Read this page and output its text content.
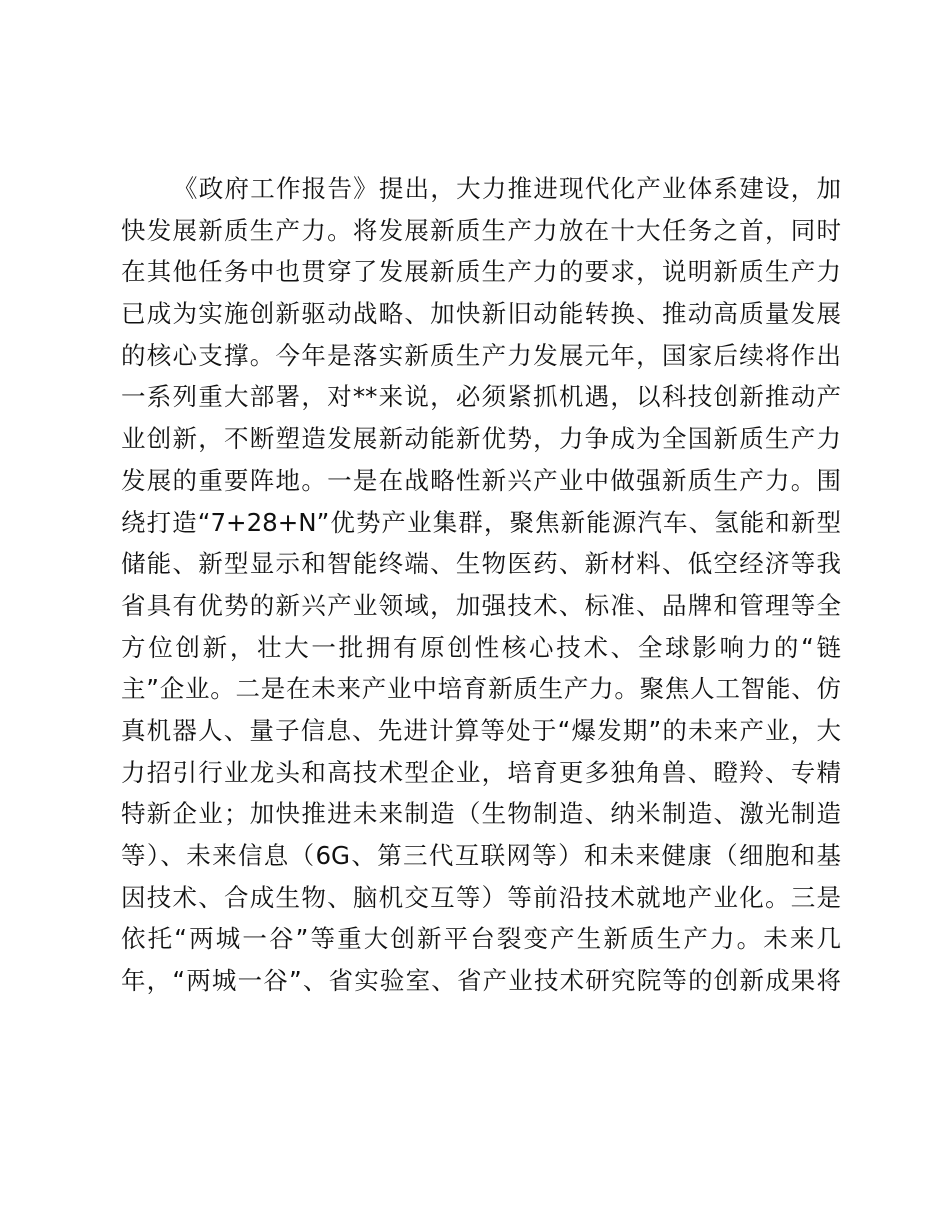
《政府工作报告》提出，大力推进现代化产业体系建设，加
快发展新质生产力。将发展新质生产力放在十大任务之首，同时
在其他任务中也贯穿了发展新质生产力的要求，说明新质生产力
已成为实施创新驱动战略、加快新旧动能转换、推动高质量发展
的核心支撑。今年是落实新质生产力发展元年，国家后续将作出
一系列重大部署，对**来说，必须紧抓机遇，以科技创新推动产
业创新，不断塑造发展新动能新优势，力争成为全国新质生产力
发展的重要阵地。一是在战略性新兴产业中做强新质生产力。围
绕打造“7+28+N”优势产业集群，聚焦新能源汽车、氢能和新型
储能、新型显示和智能终端、生物医药、新材料、低空经济等我
省具有优势的新兴产业领域，加强技术、标准、品牌和管理等全
方位创新，壮大一批拥有原创性核心技术、全球影响力的“链
主”企业。二是在未来产业中培育新质生产力。聚焦人工智能、仿
真机器人、量子信息、先进计算等处于“爆发期”的未来产业，大
力招引行业龙头和高技术型企业，培育更多独角兽、瞪羚、专精
特新企业；加快推进未来制造（生物制造、纳米制造、激光制造
等）、未来信息（6G、第三代互联网等）和未来健康（细胞和基
因技术、合成生物、脑机交互等）等前沿技术就地产业化。三是
依托“两城一谷”等重大创新平台裂变产生新质生产力。未来几
年，“两城一谷”、省实验室、省产业技术研究院等的创新成果将
